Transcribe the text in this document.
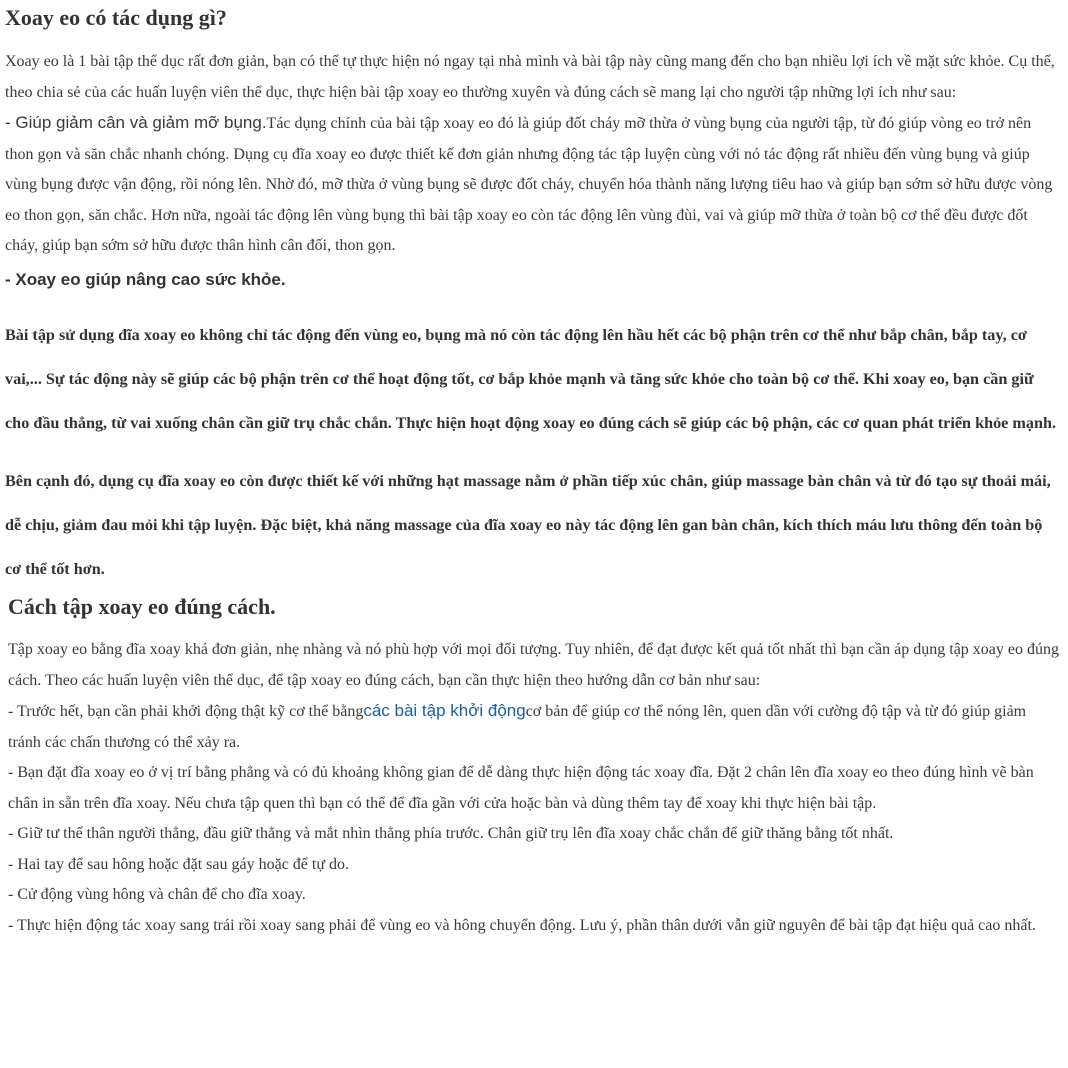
Xoay eo có tác dụng gì?

Xoay eo là 1 bài tập thể dục rất đơn giản, bạn có thể tự thực hiện nó ngay tại nhà mình và bài tập này cũng mang đến cho bạn nhiều lợi ích về mặt sức khỏe. Cụ thể, theo chia sẻ của các huấn luyện viên thể dục, thực hiện bài tập xoay eo thường xuyên và đúng cách sẽ mang lại cho người tập những lợi ích như sau:

- Giúp giảm cân và giảm mỡ bụng.Tác dụng chính của bài tập xoay eo đó là giúp đốt cháy mỡ thừa ở vùng bụng của người tập, từ đó giúp vòng eo trở nên thon gọn và săn chắc nhanh chóng. Dụng cụ đĩa xoay eo được thiết kế đơn giản nhưng động tác tập luyện cùng với nó tác động rất nhiều đến vùng bụng và giúp vùng bụng được vận động, rồi nóng lên. Nhờ đó, mỡ thừa ở vùng bụng sẽ được đốt cháy, chuyển hóa thành năng lượng tiêu hao và giúp bạn sớm sở hữu được vòng eo thon gọn, săn chắc. Hơn nữa, ngoài tác động lên vùng bụng thì bài tập xoay eo còn tác động lên vùng đùi, vai và giúp mỡ thừa ở toàn bộ cơ thể đều được đốt cháy, giúp bạn sớm sở hữu được thân hình cân đối, thon gọn.

- Xoay eo giúp nâng cao sức khỏe.

Bài tập sử dụng đĩa xoay eo không chỉ tác động đến vùng eo, bụng mà nó còn tác động lên hầu hết các bộ phận trên cơ thể như bắp chân, bắp tay, cơ vai,... Sự tác động này sẽ giúp các bộ phận trên cơ thể hoạt động tốt, cơ bắp khỏe mạnh và tăng sức khỏe cho toàn bộ cơ thể. Khi xoay eo, bạn cần giữ cho đầu thẳng, từ vai xuống chân cần giữ trụ chắc chắn. Thực hiện hoạt động xoay eo đúng cách sẽ giúp các bộ phận, các cơ quan phát triển khỏe mạnh.

Bên cạnh đó, dụng cụ đĩa xoay eo còn được thiết kế với những hạt massage nằm ở phần tiếp xúc chân, giúp massage bàn chân và từ đó tạo sự thoải mái, dễ chịu, giảm đau mỏi khi tập luyện. Đặc biệt, khả năng massage của đĩa xoay eo này tác động lên gan bàn chân, kích thích máu lưu thông đến toàn bộ cơ thể tốt hơn.

Cách tập xoay eo đúng cách.

Tập xoay eo bằng đĩa xoay khá đơn giản, nhẹ nhàng và nó phù hợp với mọi đối tượng. Tuy nhiên, để đạt được kết quả tốt nhất thì bạn cần áp dụng tập xoay eo đúng cách. Theo các huấn luyện viên thể dục, để tập xoay eo đúng cách, bạn cần thực hiện theo hướng dẫn cơ bản như sau:

- Trước hết, bạn cần phải khởi động thật kỹ cơ thể bằngcác bài tập khởi độngcơ bản để giúp cơ thể nóng lên, quen dần với cường độ tập và từ đó giúp giảm tránh các chấn thương có thể xảy ra.

- Bạn đặt đĩa xoay eo ở vị trí bằng phẳng và có đủ khoảng không gian để dễ dàng thực hiện động tác xoay đĩa. Đặt 2 chân lên đĩa xoay eo theo đúng hình vẽ bàn chân in sẵn trên đĩa xoay. Nếu chưa tập quen thì bạn có thể để đĩa gần với cửa hoặc bàn và dùng thêm tay để xoay khi thực hiện bài tập.

- Giữ tư thế thân người thẳng, đầu giữ thẳng và mắt nhìn thẳng phía trước. Chân giữ trụ lên đĩa xoay chắc chắn để giữ thăng bằng tốt nhất.

- Hai tay để sau hông hoặc đặt sau gáy hoặc để tự do.

- Cử động vùng hông và chân để cho đĩa xoay.

- Thực hiện động tác xoay sang trái rồi xoay sang phải để vùng eo và hông chuyển động. Lưu ý, phần thân dưới vẫn giữ nguyên để bài tập đạt hiệu quả cao nhất.
